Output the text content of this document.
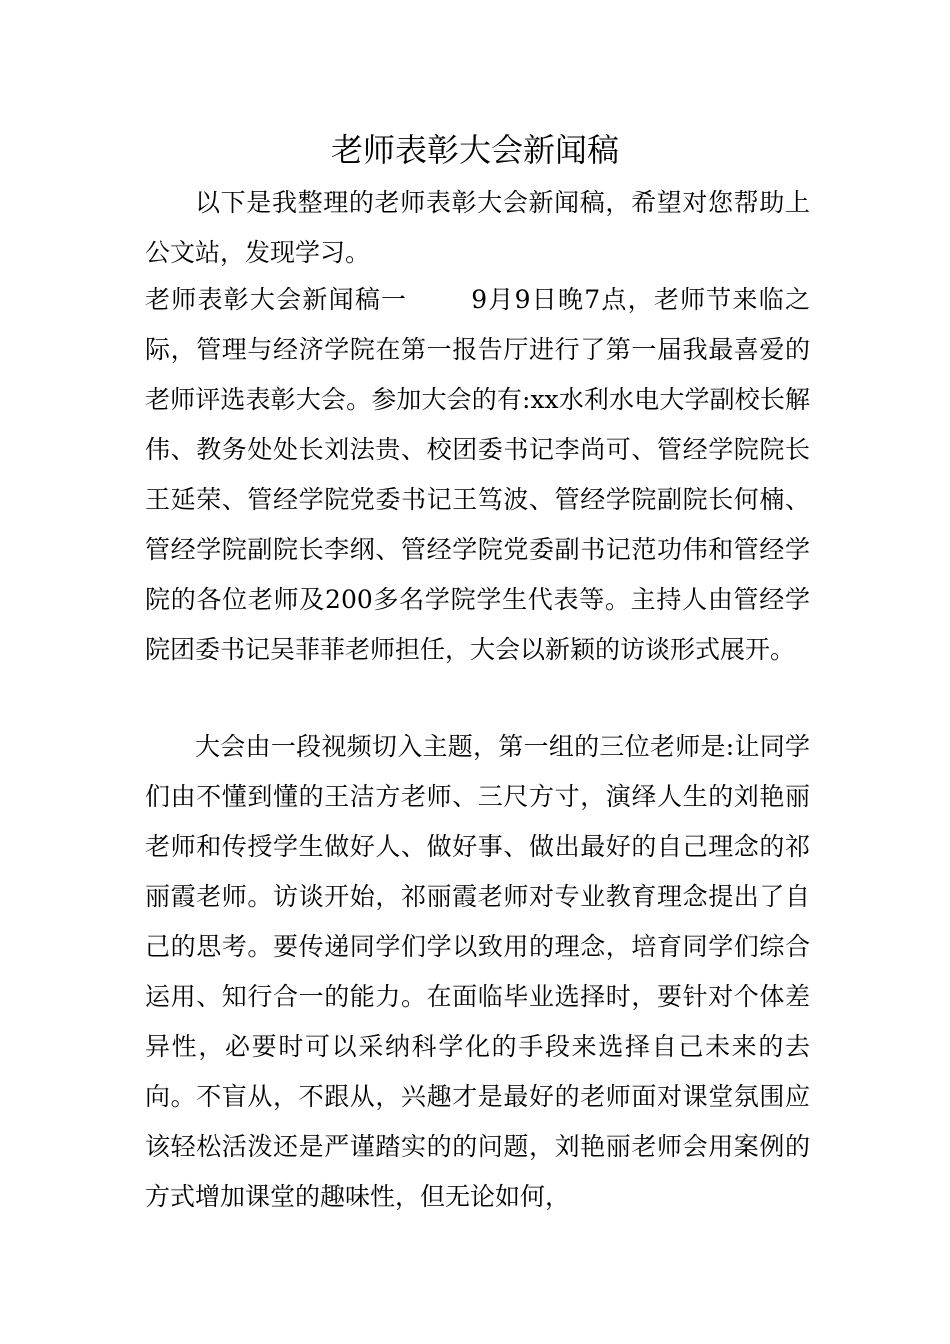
老师表彰大会新闻稿

以下是我整理的老师表彰大会新闻稿，希望对您帮助上公文站，发现学习。

老师表彰大会新闻稿一	9月9日晚7点，老师节来临之际，管理与经济学院在第一报告厅进行了第一届我最喜爱的老师评选表彰大会。参加大会的有:xx水利水电大学副校长解伟、教务处处长刘法贵、校团委书记李尚可、管经学院院长王延荣、管经学院党委书记王笃波、管经学院副院长何楠、管经学院副院长李纲、管经学院党委副书记范功伟和管经学院的各位老师及200多名学院学生代表等。主持人由管经学院团委书记吴菲菲老师担任，大会以新颖的访谈形式展开。

大会由一段视频切入主题，第一组的三位老师是:让同学们由不懂到懂的王洁方老师、三尺方寸，演绎人生的刘艳丽老师和传授学生做好人、做好事、做出最好的自己理念的祁丽霞老师。访谈开始，祁丽霞老师对专业教育理念提出了自己的思考。要传递同学们学以致用的理念，培育同学们综合运用、知行合一的能力。在面临毕业选择时，要针对个体差异性，必要时可以采纳科学化的手段来选择自己未来的去向。不盲从，不跟从，兴趣才是最好的老师面对课堂氛围应该轻松活泼还是严谨踏实的的问题，刘艳丽老师会用案例的方式增加课堂的趣味性，但无论如何，
